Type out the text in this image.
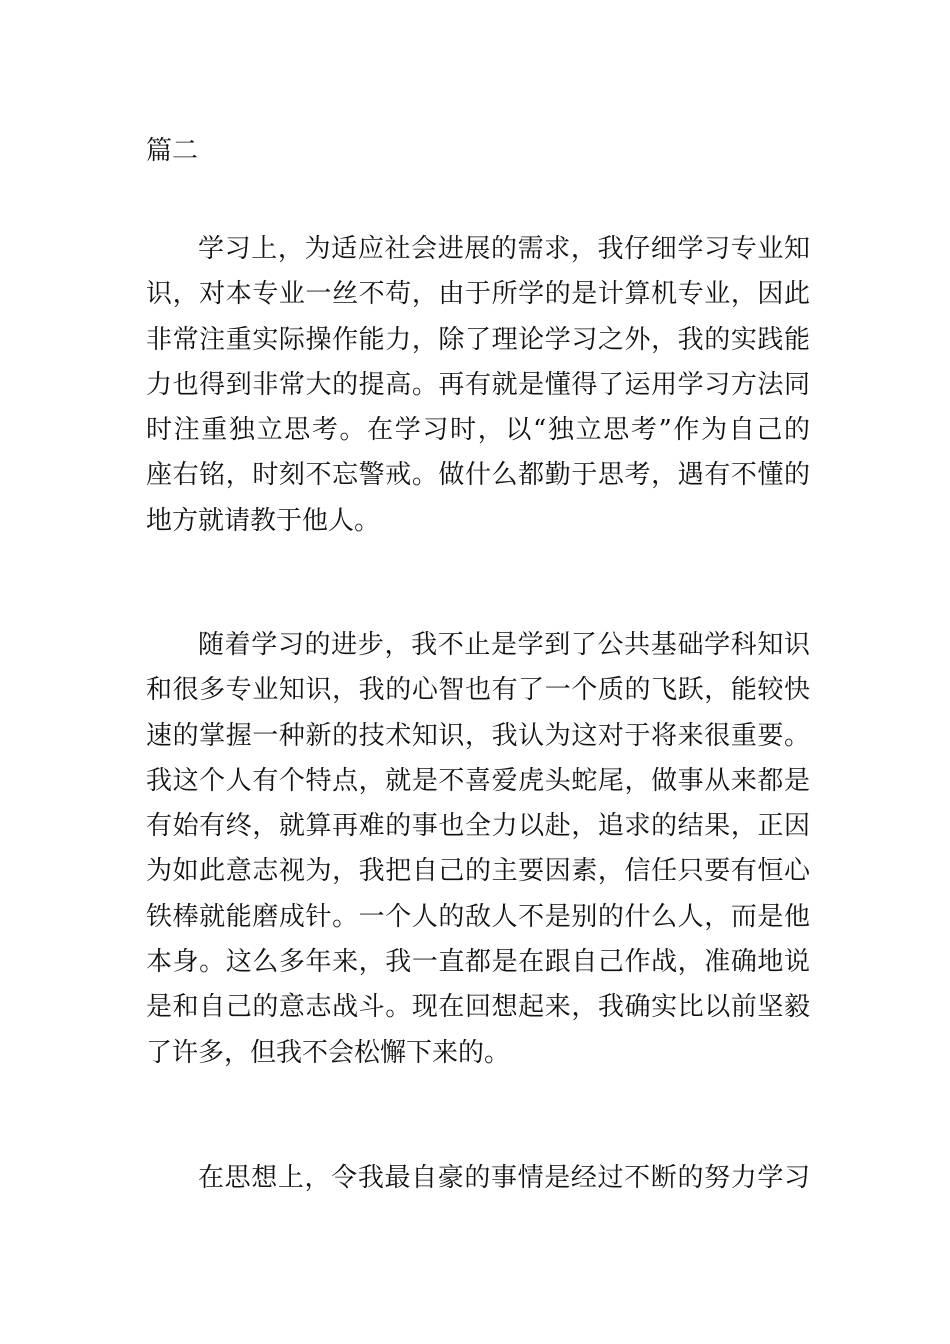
篇二

学习上，为适应社会进展的需求，我仔细学习专业知
识，对本专业一丝不苟，由于所学的是计算机专业，因此
非常注重实际操作能力，除了理论学习之外，我的实践能
力也得到非常大的提高。再有就是懂得了运用学习方法同
时注重独立思考。在学习时，以“独立思考”作为自己的
座右铭，时刻不忘警戒。做什么都勤于思考，遇有不懂的
地方就请教于他人。

随着学习的进步，我不止是学到了公共基础学科知识
和很多专业知识，我的心智也有了一个质的飞跃，能较快
速的掌握一种新的技术知识，我认为这对于将来很重要。
我这个人有个特点，就是不喜爱虎头蛇尾，做事从来都是
有始有终，就算再难的事也全力以赴，追求的结果，正因
为如此意志视为，我把自己的主要因素，信任只要有恒心
铁棒就能磨成针。一个人的敌人不是别的什么人，而是他
本身。这么多年来，我一直都是在跟自己作战，准确地说
是和自己的意志战斗。现在回想起来，我确实比以前坚毅
了许多，但我不会松懈下来的。

在思想上，令我最自豪的事情是经过不断的努力学习
